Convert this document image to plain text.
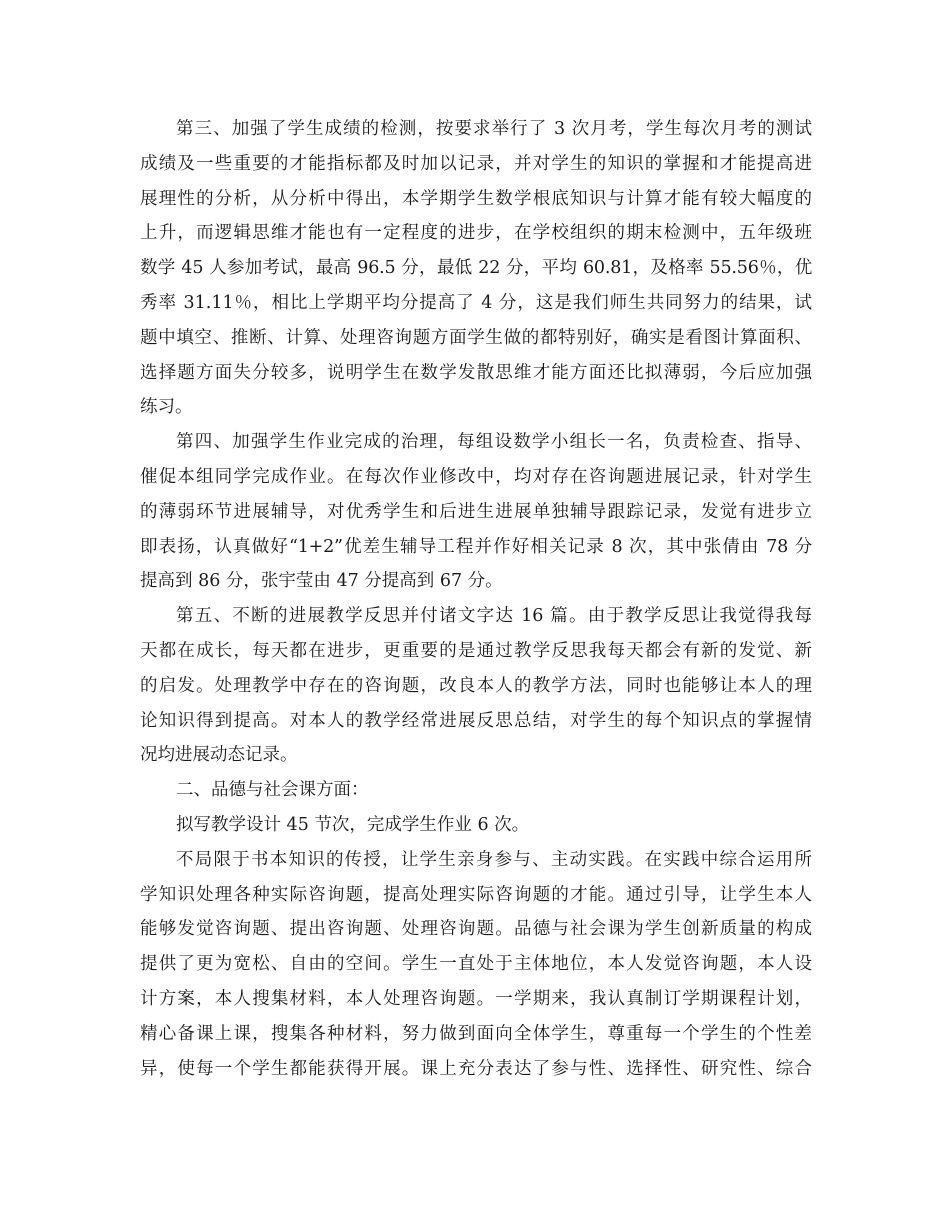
第三、加强了学生成绩的检测，按要求举行了 3 次月考，学生每次月考的测试
成绩及一些重要的才能指标都及时加以记录，并对学生的知识的掌握和才能提高进
展理性的分析，从分析中得出，本学期学生数学根底知识与计算才能有较大幅度的
上升，而逻辑思维才能也有一定程度的进步，在学校组织的期末检测中，五年级班
数学 45 人参加考试，最高 96.5 分，最低 22 分，平均 60.81，及格率 55.56％，优
秀率 31.11％，相比上学期平均分提高了 4 分，这是我们师生共同努力的结果，试
题中填空、推断、计算、处理咨询题方面学生做的都特别好，确实是看图计算面积、
选择题方面失分较多，说明学生在数学发散思维才能方面还比拟薄弱，今后应加强
练习。
第四、加强学生作业完成的治理，每组设数学小组长一名，负责检查、指导、
催促本组同学完成作业。在每次作业修改中，均对存在咨询题进展记录，针对学生
的薄弱环节进展辅导，对优秀学生和后进生进展单独辅导跟踪记录，发觉有进步立
即表扬，认真做好“1+2”优差生辅导工程并作好相关记录 8 次，其中张倩由 78 分
提高到 86 分，张宇莹由 47 分提高到 67 分。
第五、不断的进展教学反思并付诸文字达 16 篇。由于教学反思让我觉得我每
天都在成长，每天都在进步，更重要的是通过教学反思我每天都会有新的发觉、新
的启发。处理教学中存在的咨询题，改良本人的教学方法，同时也能够让本人的理
论知识得到提高。对本人的教学经常进展反思总结，对学生的每个知识点的掌握情
况均进展动态记录。
二、品德与社会课方面：
拟写教学设计 45 节次，完成学生作业 6 次。
不局限于书本知识的传授，让学生亲身参与、主动实践。在实践中综合运用所
学知识处理各种实际咨询题，提高处理实际咨询题的才能。通过引导，让学生本人
能够发觉咨询题、提出咨询题、处理咨询题。品德与社会课为学生创新质量的构成
提供了更为宽松、自由的空间。学生一直处于主体地位，本人发觉咨询题，本人设
计方案，本人搜集材料，本人处理咨询题。一学期来，我认真制订学期课程计划，
精心备课上课，搜集各种材料，努力做到面向全体学生，尊重每一个学生的个性差
异，使每一个学生都能获得开展。课上充分表达了参与性、选择性、研究性、综合
